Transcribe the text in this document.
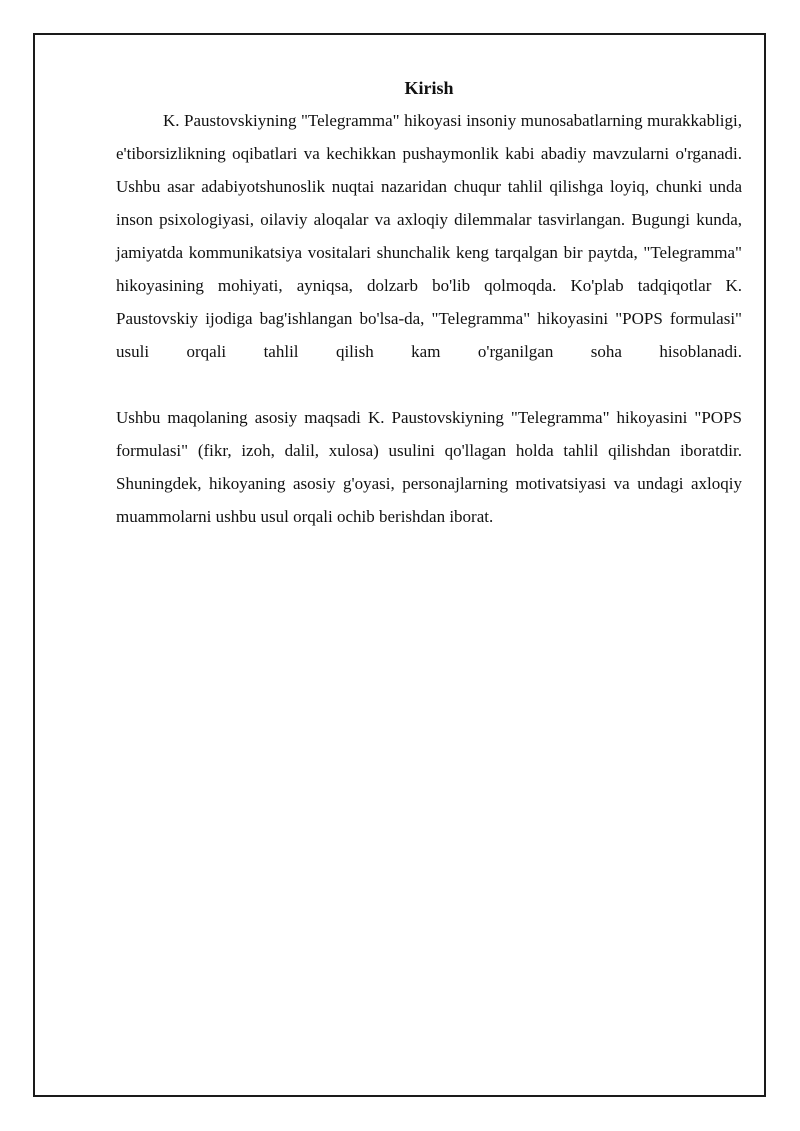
Kirish

K. Paustovskiyning "Telegramma" hikoyasi insoniy munosabatlarning murakkabligi, e'tiborsizlikning oqibatlari va kechikkan pushaymonlik kabi abadiy mavzularni o'rganadi. Ushbu asar adabiyotshunoslik nuqtai nazaridan chuqur tahlil qilishga loyiq, chunki unda inson psixologiyasi, oilaviy aloqalar va axloqiy dilemmalar tasvirlangan. Bugungi kunda, jamiyatda kommunikatsiya vositalari shunchalik keng tarqalgan bir paytda, "Telegramma" hikoyasining mohiyati, ayniqsa, dolzarb bo'lib qolmoqda. Ko'plab tadqiqotlar K. Paustovskiy ijodiga bag'ishlangan bo'lsa-da, "Telegramma" hikoyasini "POPS formulasi" usuli orqali tahlil qilish kam o'rganilgan soha hisoblanadi.

Ushbu maqolaning asosiy maqsadi K. Paustovskiyning "Telegramma" hikoyasini "POPS formulasi" (fikr, izoh, dalil, xulosa) usulini qo'llagan holda tahlil qilishdan iboratdir. Shuningdek, hikoyaning asosiy g'oyasi, personajlarning motivatsiyasi va undagi axloqiy muammolarni ushbu usul orqali ochib berishdan iborat.
